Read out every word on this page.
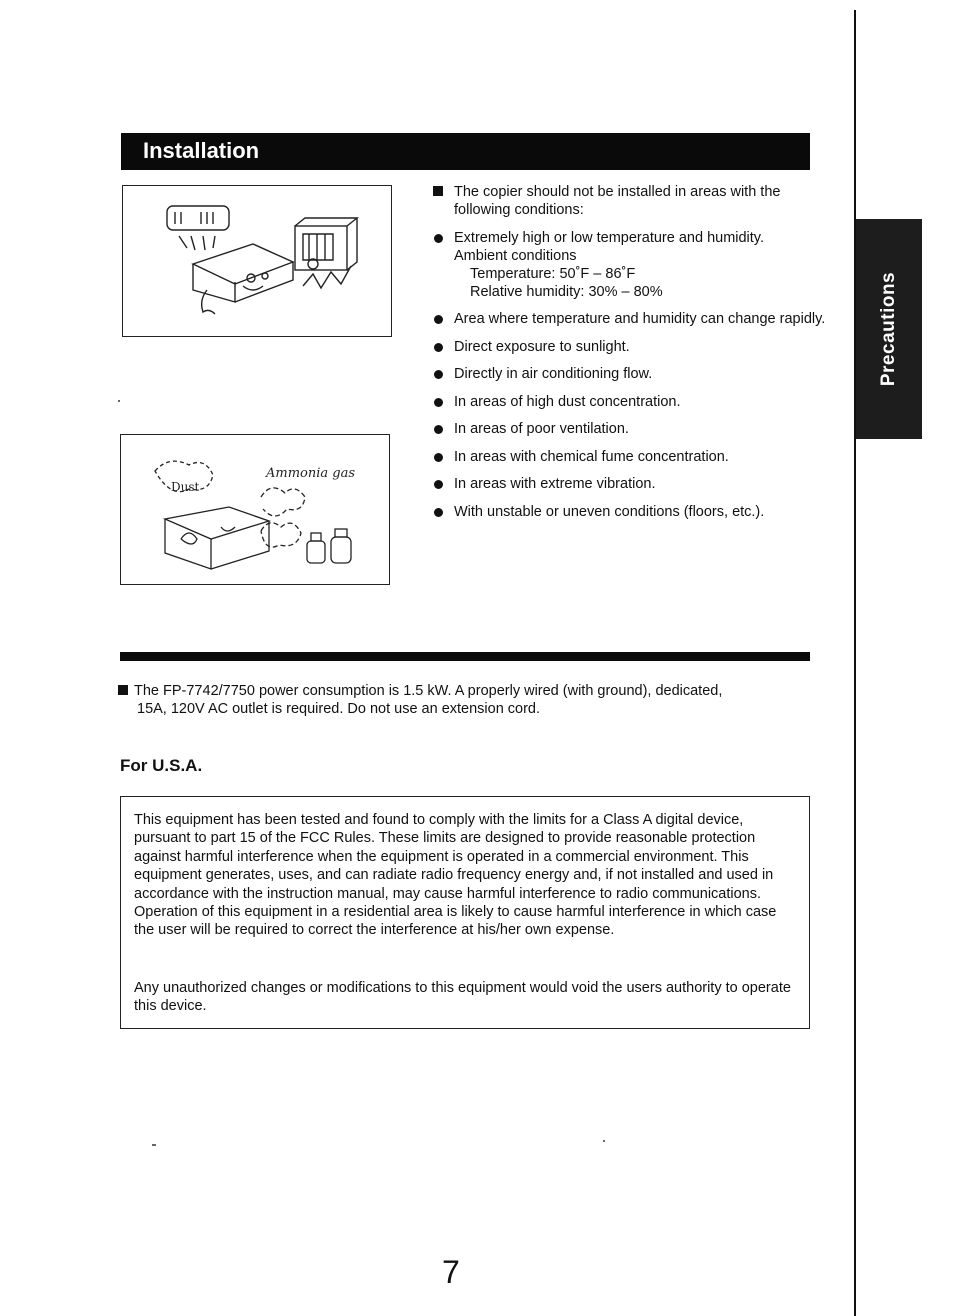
Precautions
Installation
Dust
Ammonia gas
The copier should not be installed in areas with the following conditions:
Extremely high or low temperature and humidity.
Ambient conditions
Temperature: 50˚F – 86˚F
Relative humidity: 30% – 80%
Area where temperature and humidity can change rapidly.
Direct exposure to sunlight.
Directly in air conditioning flow.
In areas of high dust concentration.
In areas of poor ventilation.
In areas with chemical fume concentration.
In areas with extreme vibration.
With unstable or uneven conditions (floors, etc.).
The FP-7742/7750 power consumption is 1.5 kW. A properly wired (with ground), dedicated,
15A, 120V AC outlet is required. Do not use an extension cord.
For U.S.A.

This equipment has been tested and found to comply with the limits for a Class A digital device, pursuant to part 15 of the FCC Rules. These limits are designed to provide reasonable protection against harmful interference when the equipment is operated in a commercial environment. This equipment generates, uses, and can radiate radio frequency energy and, if not installed and used in accordance with the instruction manual, may cause harmful interference to radio communications. Operation of this equipment in a residential area is likely to cause harmful interference in which case the user will be required to correct the interference at his/her own expense.

Any unauthorized changes or modifications to this equipment would void the users authority to operate this device.

7
